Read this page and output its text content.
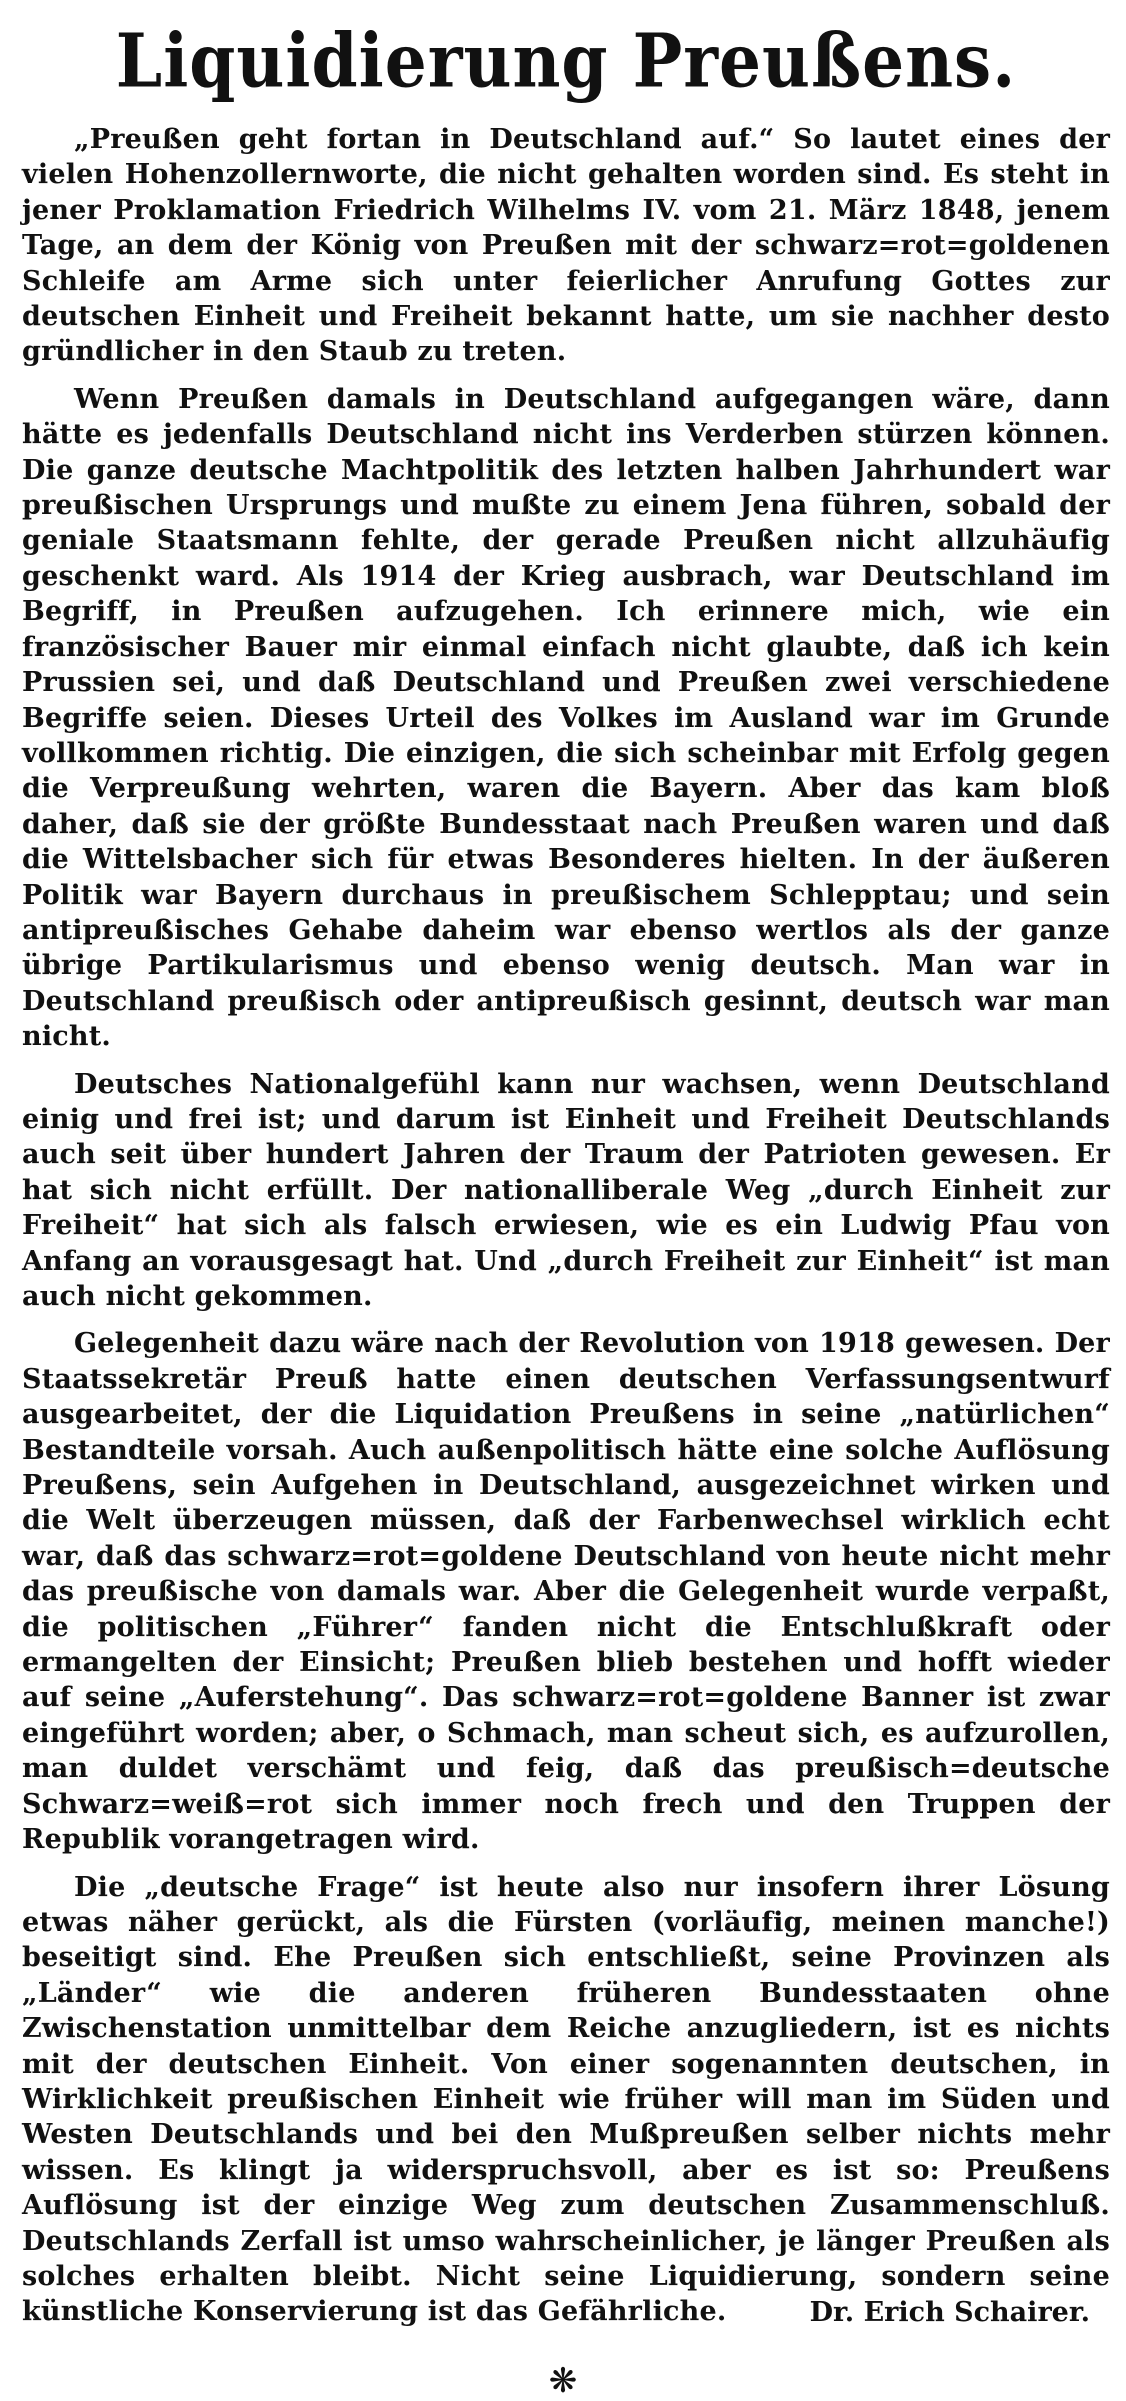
Liquidierung Preußens.

„Preußen geht fortan in Deutschland auf.“ So lautet eines der vielen Hohenzollernworte, die nicht gehalten worden sind. Es steht in jener Proklamation Friedrich Wilhelms IV. vom 21. März 1848, jenem Tage, an dem der König von Preußen mit der schwarz=rot=goldenen Schleife am Arme sich unter feierlicher Anrufung Gottes zur deutschen Einheit und Freiheit bekannt hatte, um sie nachher desto gründlicher in den Staub zu treten.

Wenn Preußen damals in Deutschland aufgegangen wäre, dann hätte es jedenfalls Deutschland nicht ins Verderben stürzen können. Die ganze deutsche Machtpolitik des letzten halben Jahrhundert war preußischen Ursprungs und mußte zu einem Jena führen, sobald der geniale Staatsmann fehlte, der gerade Preußen nicht allzuhäufig geschenkt ward. Als 1914 der Krieg ausbrach, war Deutschland im Begriff, in Preußen aufzugehen. Ich erinnere mich, wie ein französischer Bauer mir einmal einfach nicht glaubte, daß ich kein Prussien sei, und daß Deutschland und Preußen zwei verschiedene Begriffe seien. Dieses Urteil des Volkes im Ausland war im Grunde vollkommen richtig. Die einzigen, die sich scheinbar mit Erfolg gegen die Verpreußung wehrten, waren die Bayern. Aber das kam bloß daher, daß sie der größte Bundesstaat nach Preußen waren und daß die Wittelsbacher sich für etwas Besonderes hielten. In der äußeren Politik war Bayern durchaus in preußischem Schlepptau; und sein antipreußisches Gehabe daheim war ebenso wertlos als der ganze übrige Partikularismus und ebenso wenig deutsch. Man war in Deutschland preußisch oder antipreußisch gesinnt, deutsch war man nicht.

Deutsches Nationalgefühl kann nur wachsen, wenn Deutschland einig und frei ist; und darum ist Einheit und Freiheit Deutschlands auch seit über hundert Jahren der Traum der Patrioten gewesen. Er hat sich nicht erfüllt. Der nationalliberale Weg „durch Einheit zur Freiheit“ hat sich als falsch erwiesen, wie es ein Ludwig Pfau von Anfang an vorausgesagt hat. Und „durch Freiheit zur Einheit“ ist man auch nicht gekommen.

Gelegenheit dazu wäre nach der Revolution von 1918 gewesen. Der Staatssekretär Preuß hatte einen deutschen Verfassungsentwurf ausgearbeitet, der die Liquidation Preußens in seine „natürlichen“ Bestandteile vorsah. Auch außenpolitisch hätte eine solche Auflösung Preußens, sein Aufgehen in Deutschland, ausgezeichnet wirken und die Welt überzeugen müssen, daß der Farbenwechsel wirklich echt war, daß das schwarz=rot=goldene Deutschland von heute nicht mehr das preußische von damals war. Aber die Gelegenheit wurde verpaßt, die politischen „Führer“ fanden nicht die Entschlußkraft oder ermangelten der Einsicht; Preußen blieb bestehen und hofft wieder auf seine „Auferstehung“. Das schwarz=rot=goldene Banner ist zwar eingeführt worden; aber, o Schmach, man scheut sich, es aufzurollen, man duldet verschämt und feig, daß das preußisch=deutsche Schwarz=weiß=rot sich immer noch frech und den Truppen der Republik vorangetragen wird.

Die „deutsche Frage“ ist heute also nur insofern ihrer Lösung etwas näher gerückt, als die Fürsten (vorläufig, meinen manche!) beseitigt sind. Ehe Preußen sich entschließt, seine Provinzen als „Länder“ wie die anderen früheren Bundesstaaten ohne Zwischenstation unmittelbar dem Reiche anzugliedern, ist es nichts mit der deutschen Einheit. Von einer sogenannten deutschen, in Wirklichkeit preußischen Einheit wie früher will man im Süden und Westen Deutschlands und bei den Mußpreußen selber nichts mehr wissen. Es klingt ja widerspruchsvoll, aber es ist so: Preußens Auflösung ist der einzige Weg zum deutschen Zusammenschluß. Deutschlands Zerfall ist umso wahrscheinlicher, je länger Preußen als solches erhalten bleibt. Nicht seine Liquidierung, sondern seine künstliche Konservierung ist das Gefährliche.	Dr. Erich Schairer.
❋
